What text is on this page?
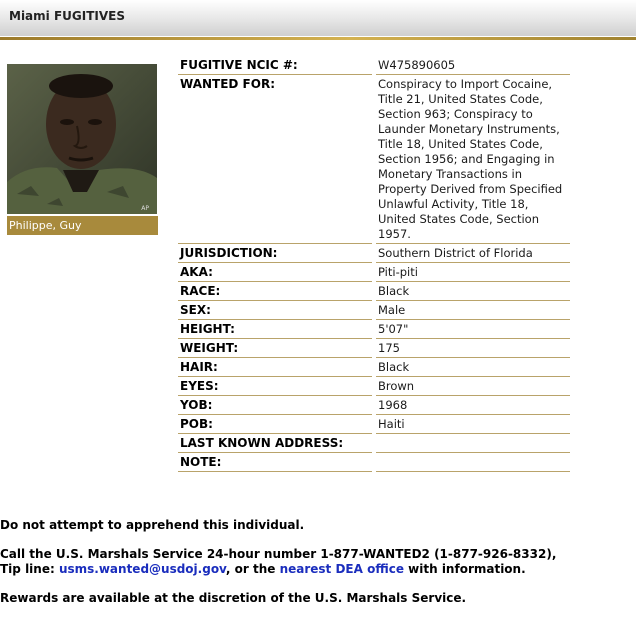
Miami FUGITIVES
AP
Philippe, Guy
FUGITIVE NCIC #:		W475890605
WANTED FOR:		Conspiracy to Import Cocaine, Title 21, United States Code, Section 963; Conspiracy to Launder Monetary Instruments, Title 18, United States Code, Section 1956; and Engaging in Monetary Transactions in Property Derived from Specified Unlawful Activity, Title 18, United States Code, Section 1957.
JURISDICTION:		Southern District of Florida
AKA:		Piti-piti
RACE:		Black
SEX:		Male
HEIGHT:		5'07"
WEIGHT:		175
HAIR:		Black
EYES:		Brown
YOB:		1968
POB:		Haiti
LAST KNOWN ADDRESS:		
NOTE:		

Do not attempt to apprehend this individual.

Call the U.S. Marshals Service 24-hour number 1-877-WANTED2 (1-877-926-8332),
Tip line: usms.wanted@usdoj.gov, or the nearest DEA office with information.

Rewards are available at the discretion of the U.S. Marshals Service.
